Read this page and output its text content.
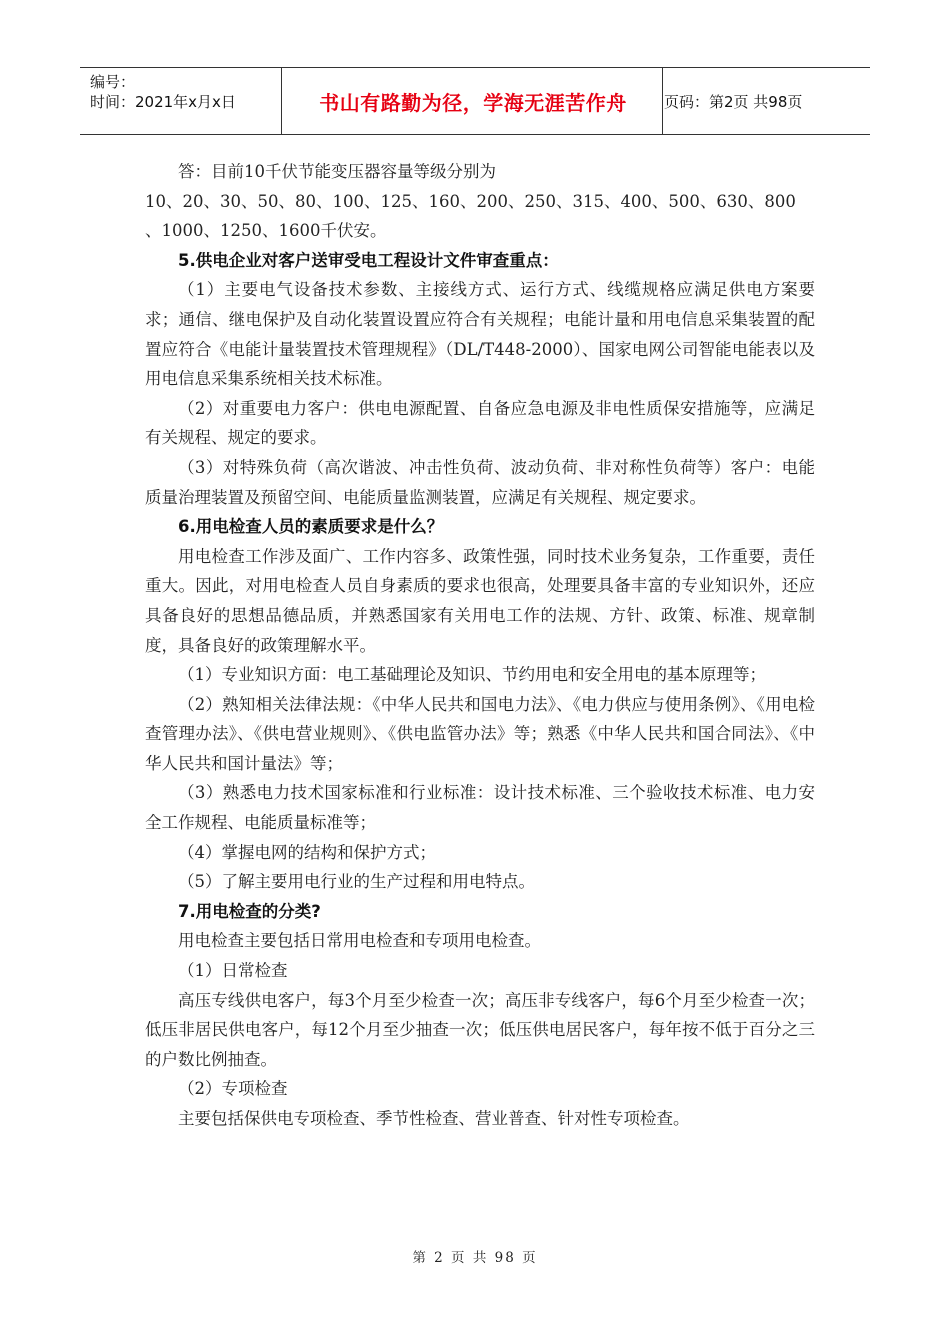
编号：
时间：2021年x月x日	书山有路勤为径，学海无涯苦作舟	页码：第2页 共98页

答：目前10千伏节能变压器容量等级分别为

10、20、30、50、80、100、125、160、200、250、315、400、500、630、800

、1000、1250、1600千伏安。

5.供电企业对客户送审受电工程设计文件审查重点：

（1）主要电气设备技术参数、主接线方式、运行方式、线缆规格应满足供电方案要求；通信、继电保护及自动化装置设置应符合有关规程；电能计量和用电信息采集装置的配置应符合《电能计量装置技术管理规程》（DL/T448-2000）、国家电网公司智能电能表以及用电信息采集系统相关技术标准。

（2）对重要电力客户：供电电源配置、自备应急电源及非电性质保安措施等，应满足有关规程、规定的要求。

（3）对特殊负荷（高次谐波、冲击性负荷、波动负荷、非对称性负荷等）客户：电能质量治理装置及预留空间、电能质量监测装置，应满足有关规程、规定要求。

6.用电检查人员的素质要求是什么？

用电检查工作涉及面广、工作内容多、政策性强，同时技术业务复杂，工作重要，责任重大。因此，对用电检查人员自身素质的要求也很高，处理要具备丰富的专业知识外，还应具备良好的思想品德品质，并熟悉国家有关用电工作的法规、方针、政策、标准、规章制度，具备良好的政策理解水平。

（1）专业知识方面：电工基础理论及知识、节约用电和安全用电的基本原理等；

（2）熟知相关法律法规：《中华人民共和国电力法》、《电力供应与使用条例》、《用电检查管理办法》、《供电营业规则》、《供电监管办法》等；熟悉《中华人民共和国合同法》、《中华人民共和国计量法》等；

（3）熟悉电力技术国家标准和行业标准：设计技术标准、三个验收技术标准、电力安全工作规程、电能质量标准等；

（4）掌握电网的结构和保护方式；

（5）了解主要用电行业的生产过程和用电特点。

7.用电检查的分类?

用电检查主要包括日常用电检查和专项用电检查。

（1）日常检查

高压专线供电客户，每3个月至少检查一次；高压非专线客户，每6个月至少检查一次；低压非居民供电客户，每12个月至少抽查一次；低压供电居民客户，每年按不低于百分之三的户数比例抽查。

（2）专项检查

主要包括保供电专项检查、季节性检查、营业普查、针对性专项检查。

第 2 页 共 98 页
